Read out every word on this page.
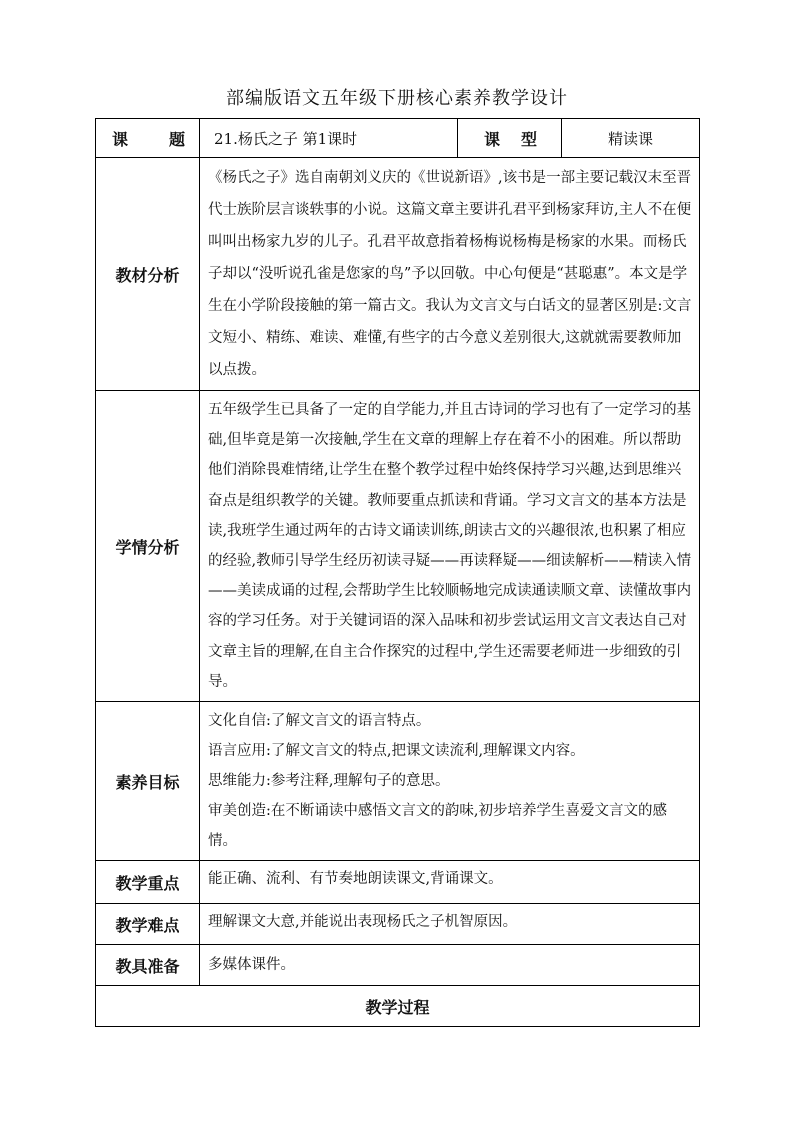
部编版语文五年级下册核心素养教学设计
课 题	21.杨氏之子 第1课时	课 型	精读课
教材分析	《杨氏之子》选自南朝刘义庆的《世说新语》,该书是一部主要记载汉末至晋代士族阶层言谈轶事的小说。这篇文章主要讲孔君平到杨家拜访,主人不在便叫叫出杨家九岁的儿子。孔君平故意指着杨梅说杨梅是杨家的水果。而杨氏子却以“没听说孔雀是您家的鸟”予以回敬。中心句便是“甚聪惠”。本文是学生在小学阶段接触的第一篇古文。我认为文言文与白话文的显著区别是:文言文短小、精练、难读、难懂,有些字的古今意义差别很大,这就就需要教师加以点拨。		

学情分析	五年级学生已具备了一定的自学能力,并且古诗词的学习也有了一定学习的基础,但毕竟是第一次接触,学生在文章的理解上存在着不小的困难。所以帮助他们消除畏难情绪,让学生在整个教学过程中始终保持学习兴趣,达到思维兴奋点是组织教学的关键。教师要重点抓读和背诵。学习文言文的基本方法是读,我班学生通过两年的古诗文诵读训练,朗读古文的兴趣很浓,也积累了相应的经验,教师引导学生经历初读寻疑——再读释疑——细读解析——精读入情——美读成诵的过程,会帮助学生比较顺畅地完成读通读顺文章、读懂故事内容的学习任务。对于关键词语的深入品味和初步尝试运用文言文表达自己对文章主旨的理解,在自主合作探究的过程中,学生还需要老师进一步细致的引导。		

素养目标	文化自信:了解文言文的语言特点。

语言应用:了解文言文的特点,把课文读流利,理解课文内容。

思维能力:参考注释,理解句子的意思。

审美创造:在不断诵读中感悟文言文的韵味,初步培养学生喜爱文言文的感情。		

教学重点	能正确、流利、有节奏地朗读课文,背诵课文。		
教学难点	理解课文大意,并能说出表现杨氏之子机智原因。		
教具准备	多媒体课件。		
教学过程			
